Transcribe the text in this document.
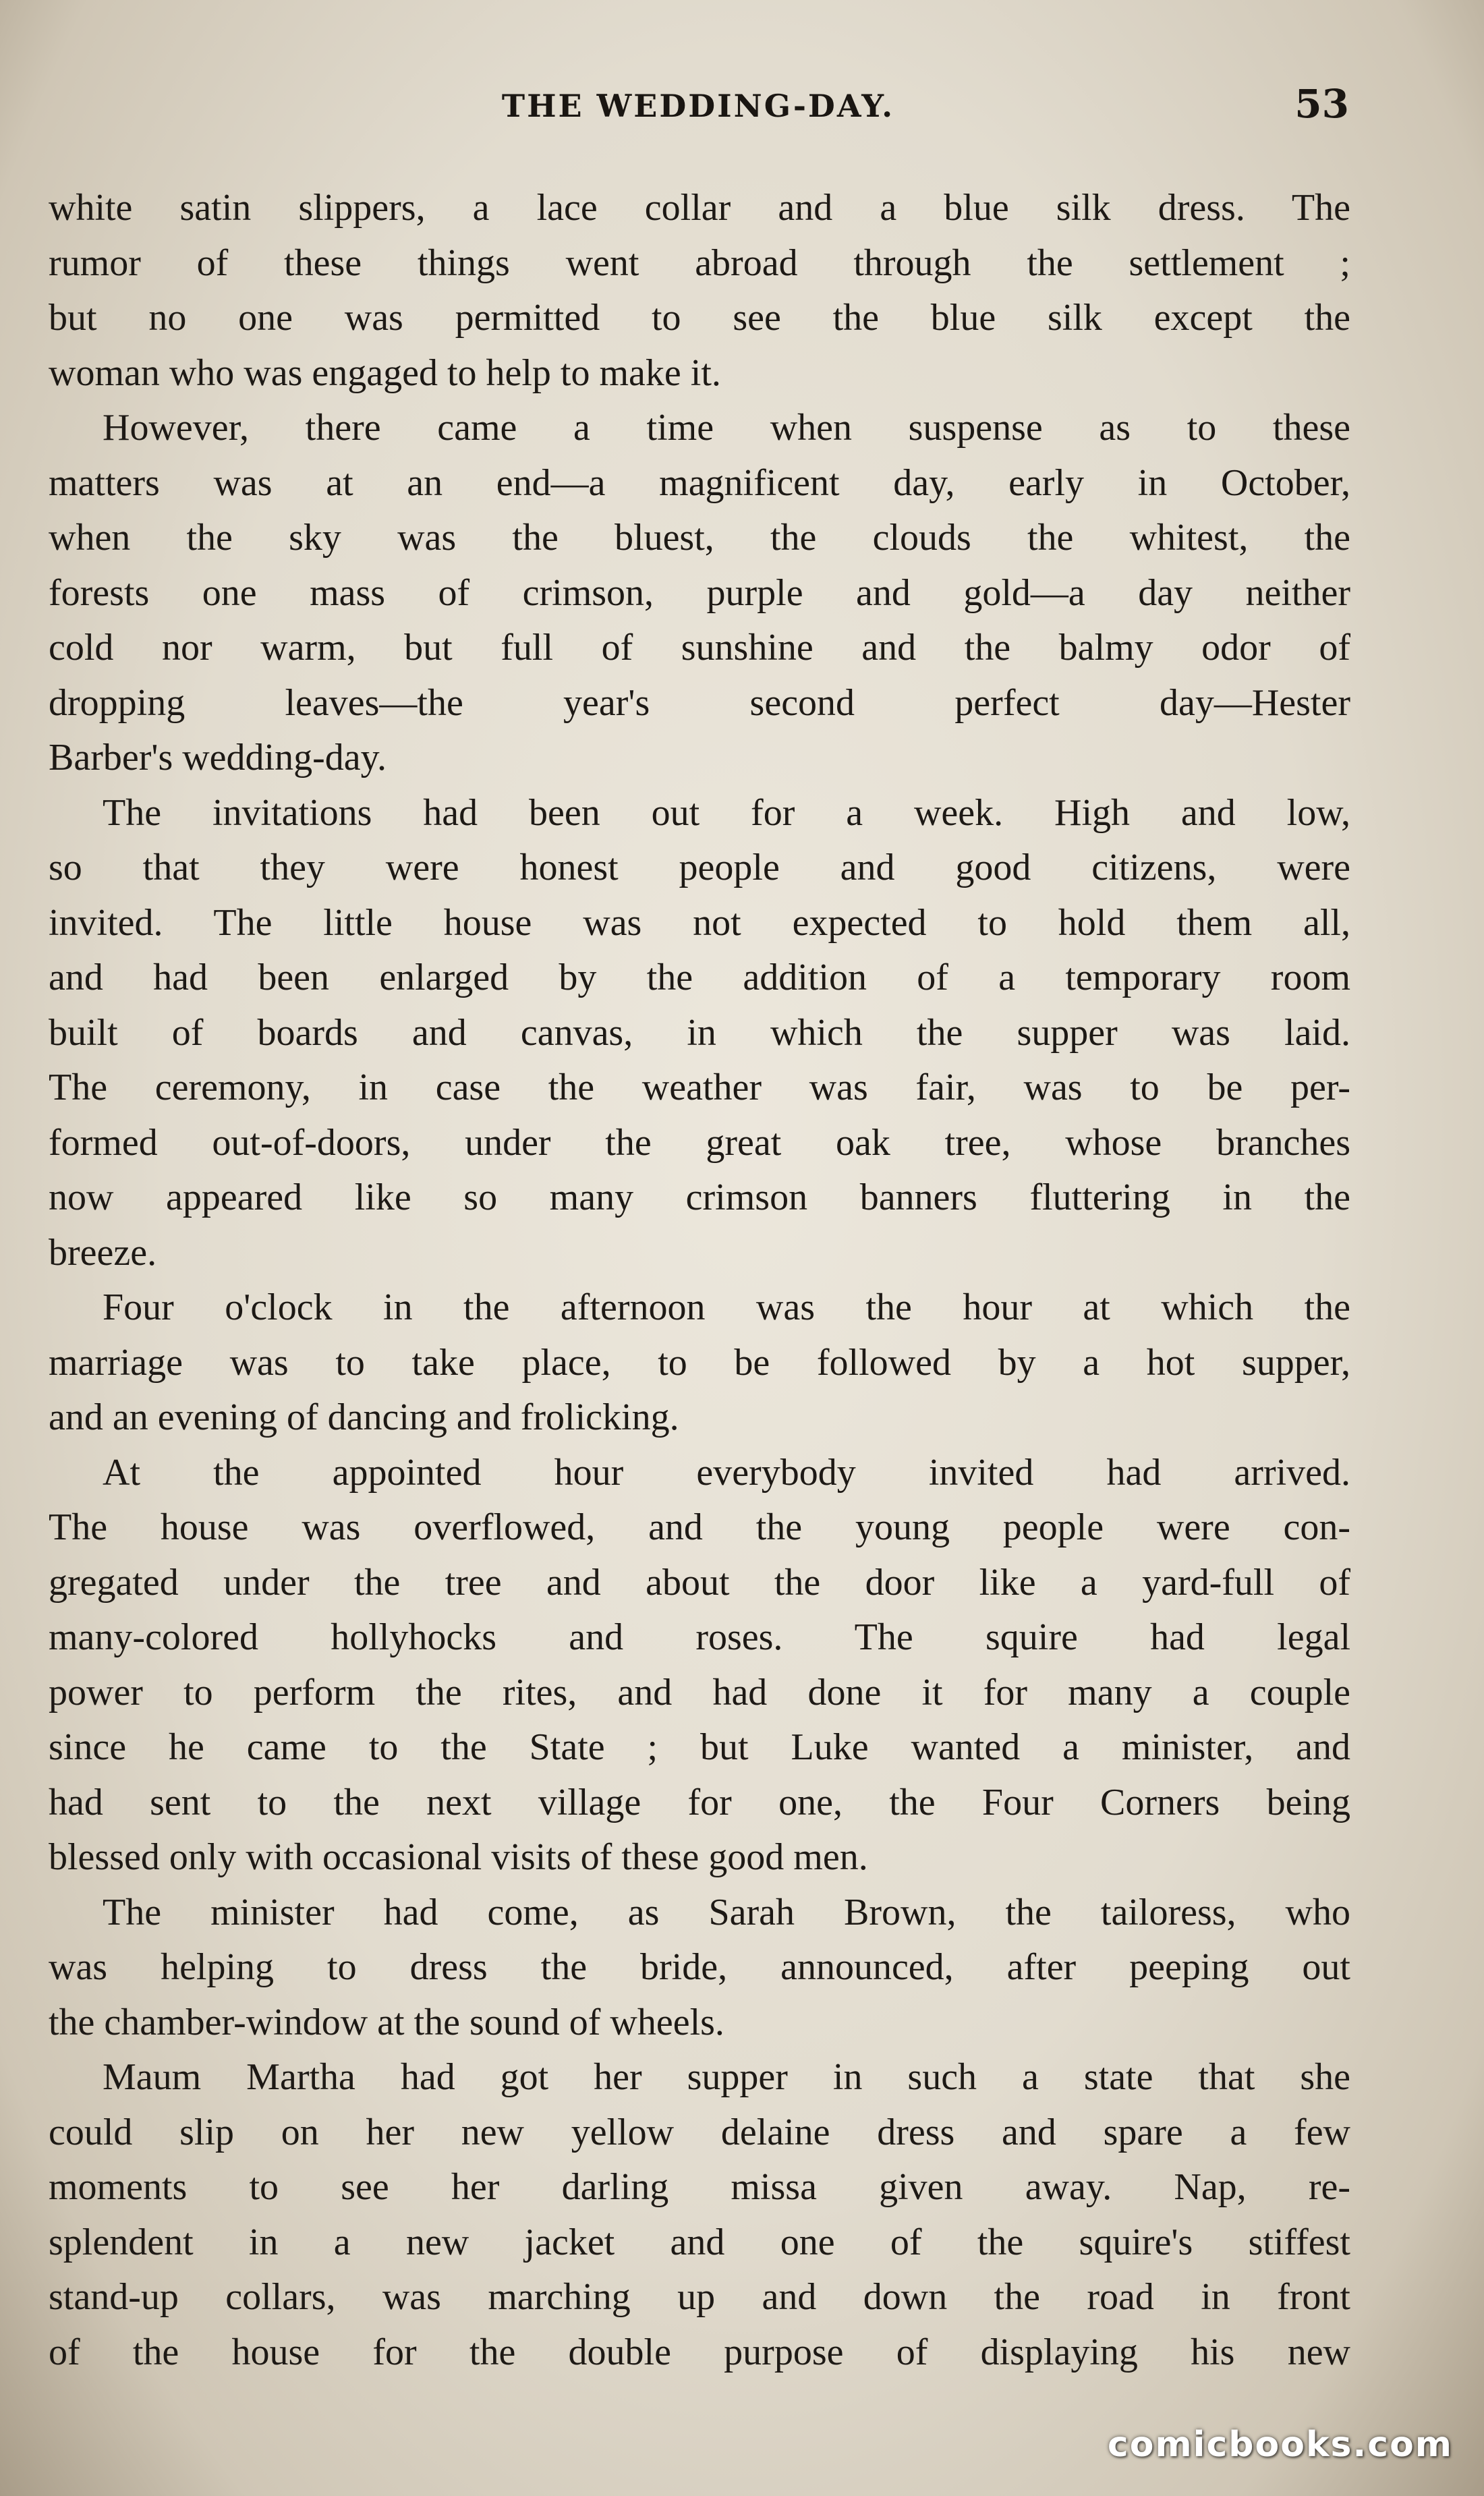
THE WEDDING-DAY.	53
white satin slippers, a lace collar and a blue silk dress. The
rumor of these things went abroad through the settlement ;
but no one was permitted to see the blue silk except the
woman who was engaged to help to make it.
However, there came a time when suspense as to these
matters was at an end—a magnificent day, early in October,
when the sky was the bluest, the clouds the whitest, the
forests one mass of crimson, purple and gold—a day neither
cold nor warm, but full of sunshine and the balmy odor of
dropping leaves—the year's second perfect day—Hester
Barber's wedding-day.
The invitations had been out for a week. High and low,
so that they were honest people and good citizens, were
invited. The little house was not expected to hold them all,
and had been enlarged by the addition of a temporary room
built of boards and canvas, in which the supper was laid.
The ceremony, in case the weather was fair, was to be per-
formed out-of-doors, under the great oak tree, whose branches
now appeared like so many crimson banners fluttering in the
breeze.
Four o'clock in the afternoon was the hour at which the
marriage was to take place, to be followed by a hot supper,
and an evening of dancing and frolicking.
At the appointed hour everybody invited had arrived.
The house was overflowed, and the young people were con-
gregated under the tree and about the door like a yard-full of
many-colored hollyhocks and roses. The squire had legal
power to perform the rites, and had done it for many a couple
since he came to the State ; but Luke wanted a minister, and
had sent to the next village for one, the Four Corners being
blessed only with occasional visits of these good men.
The minister had come, as Sarah Brown, the tailoress, who
was helping to dress the bride, announced, after peeping out
the chamber-window at the sound of wheels.
Maum Martha had got her supper in such a state that she
could slip on her new yellow delaine dress and spare a few
moments to see her darling missa given away. Nap, re-
splendent in a new jacket and one of the squire's stiffest
stand-up collars, was marching up and down the road in front
of the house for the double purpose of displaying his new
comicbooks.com
